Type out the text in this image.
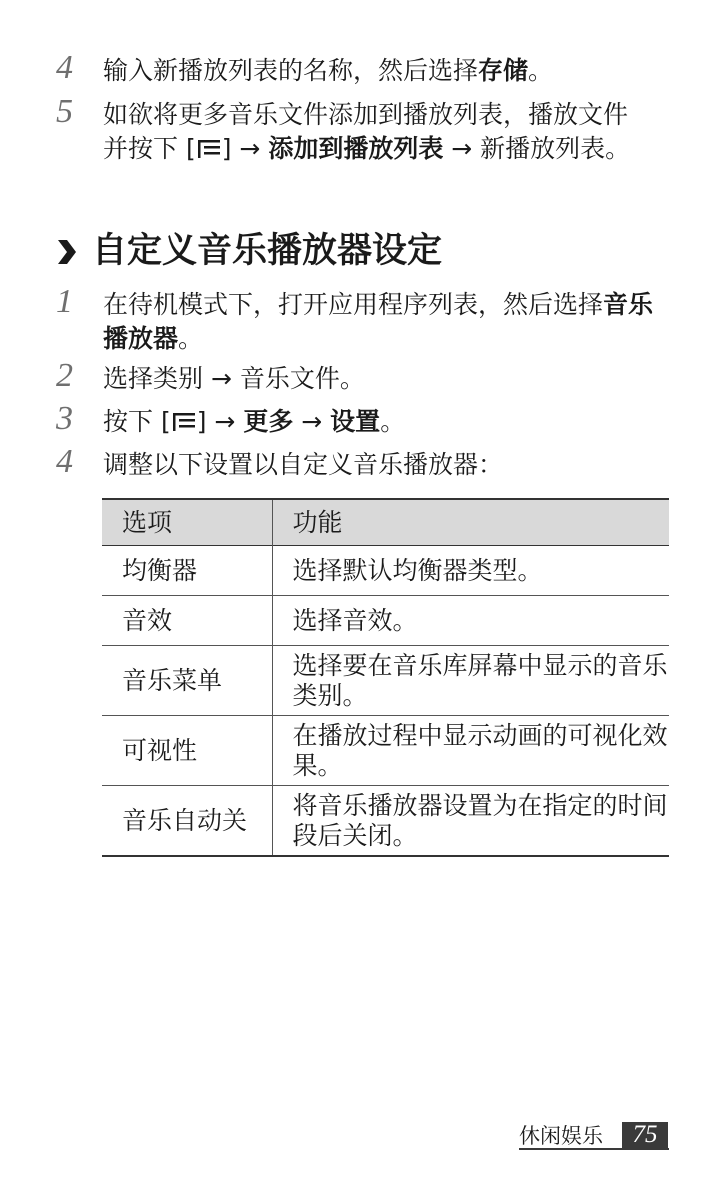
4 输入新播放列表的名称，然后选择存储。
5 如欲将更多音乐文件添加到播放列表，播放文件并按下 [ ] → 添加到播放列表 → 新播放列表。
自定义音乐播放器设定
1 在待机模式下，打开应用程序列表，然后选择音乐播放器。
2 选择类别 → 音乐文件。
3 按下 [ ] → 更多 → 设置。
4 调整以下设置以自定义音乐播放器：
选项	功能
均衡器	选择默认均衡器类型。
音效	选择音效。
音乐菜单	选择要在音乐库屏幕中显示的音乐类别。
可视性	在播放过程中显示动画的可视化效果。
音乐自动关	将音乐播放器设置为在指定的时间段后关闭。
休闲娱乐	75
